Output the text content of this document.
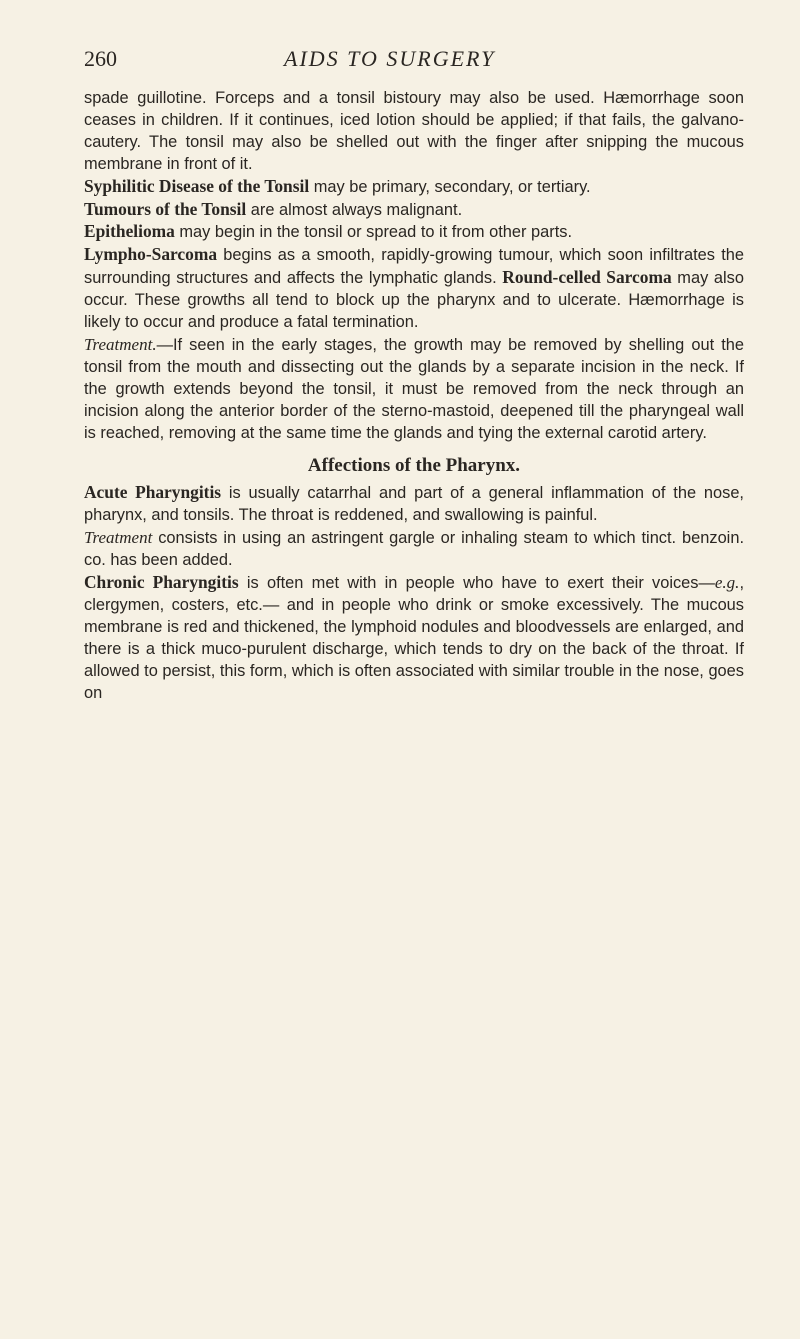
260	AIDS TO SURGERY

spade guillotine. Forceps and a tonsil bistoury may also be used. Hæmorrhage soon ceases in children. If it continues, iced lotion should be applied; if that fails, the galvano-cautery. The tonsil may also be shelled out with the finger after snipping the mucous membrane in front of it.

Syphilitic Disease of the Tonsil may be primary, secondary, or tertiary.

Tumours of the Tonsil are almost always malignant.

Epithelioma may begin in the tonsil or spread to it from other parts.

Lympho-Sarcoma begins as a smooth, rapidly-growing tumour, which soon infiltrates the surrounding structures and affects the lymphatic glands. Round-celled Sarcoma may also occur. These growths all tend to block up the pharynx and to ulcerate. Hæmorrhage is likely to occur and produce a fatal termination.

Treatment.—If seen in the early stages, the growth may be removed by shelling out the tonsil from the mouth and dissecting out the glands by a separate incision in the neck. If the growth extends beyond the tonsil, it must be removed from the neck through an incision along the anterior border of the sterno-mastoid, deepened till the pharyngeal wall is reached, removing at the same time the glands and tying the external carotid artery.

Affections of the Pharynx.

Acute Pharyngitis is usually catarrhal and part of a general inflammation of the nose, pharynx, and tonsils. The throat is reddened, and swallowing is painful.

Treatment consists in using an astringent gargle or inhaling steam to which tinct. benzoin. co. has been added.

Chronic Pharyngitis is often met with in people who have to exert their voices—e.g., clergymen, costers, etc.— and in people who drink or smoke excessively. The mucous membrane is red and thickened, the lymphoid nodules and bloodvessels are enlarged, and there is a thick muco-purulent discharge, which tends to dry on the back of the throat. If allowed to persist, this form, which is often associated with similar trouble in the nose, goes on
